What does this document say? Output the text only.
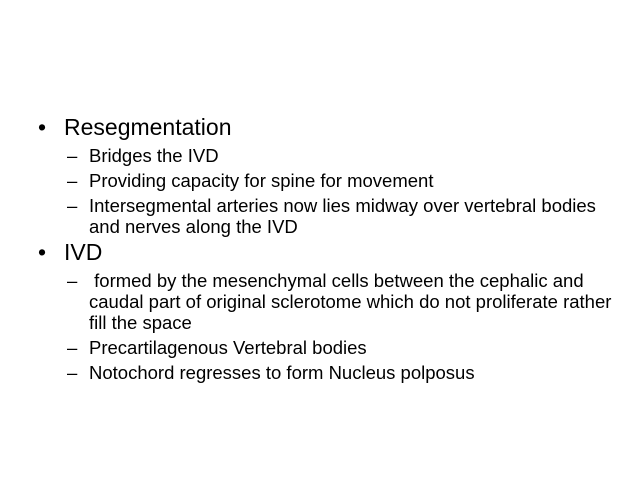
• Resegmentation
– Bridges the IVD
– Providing capacity for spine for movement
– Intersegmental arteries now lies midway over vertebral bodies and nerves along the IVD
• IVD
– formed by the mesenchymal cells between the cephalic and caudal part of original sclerotome which do not proliferate rather fill the space
– Precartilagenous Vertebral bodies
– Notochord regresses to form Nucleus polposus
